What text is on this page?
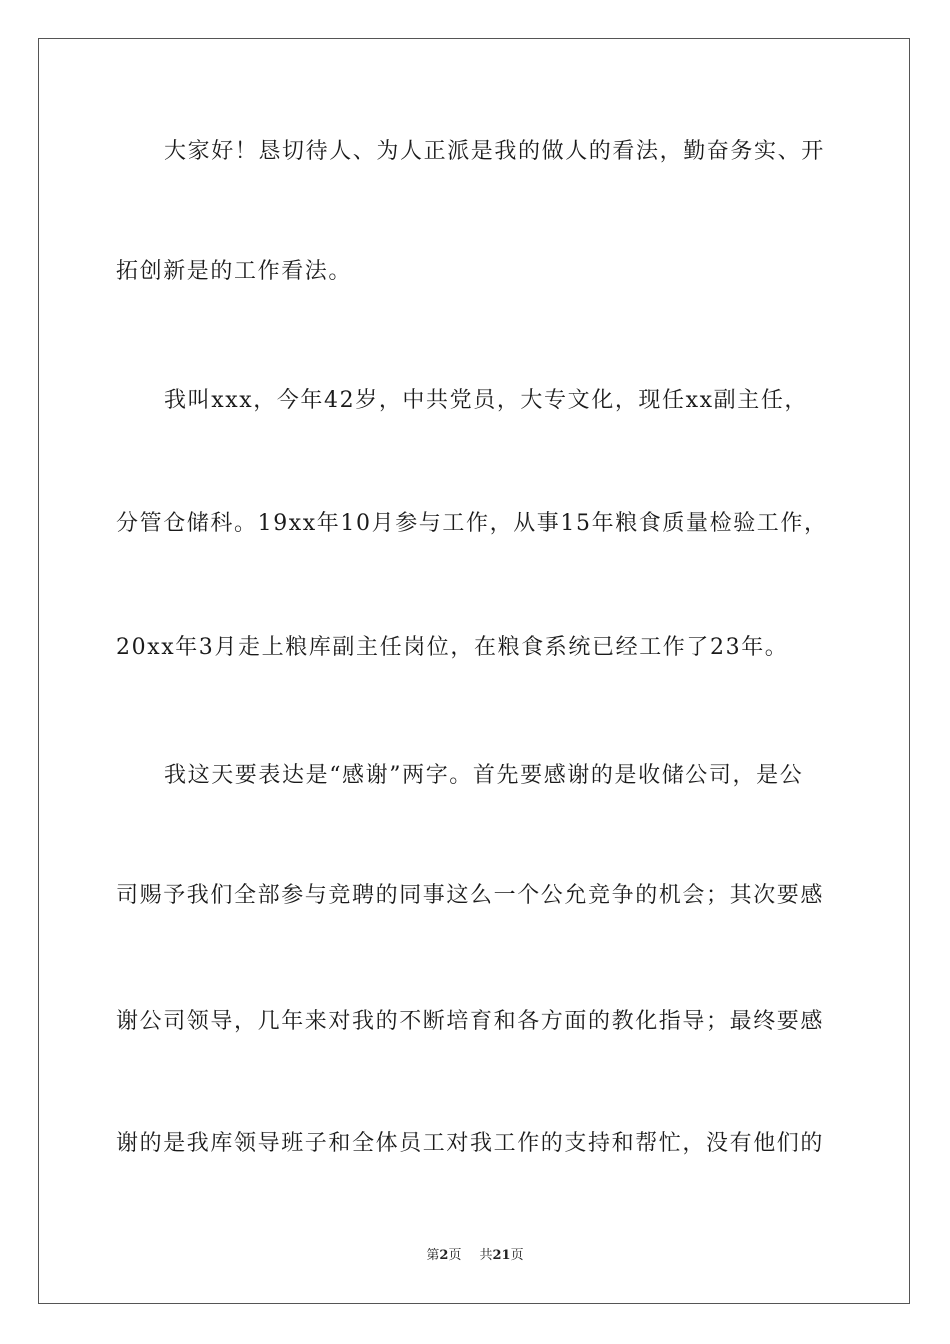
大家好！恳切待人、为人正派是我的做人的看法，勤奋务实、开
拓创新是的工作看法。
我叫xxx，今年42岁，中共党员，大专文化，现任xx副主任，
分管仓储科。19xx年10月参与工作，从事15年粮食质量检验工作，
20xx年3月走上粮库副主任岗位，在粮食系统已经工作了23年。
我这天要表达是“感谢”两字。首先要感谢的是收储公司，是公
司赐予我们全部参与竞聘的同事这么一个公允竞争的机会；其次要感
谢公司领导，几年来对我的不断培育和各方面的教化指导；最终要感
谢的是我库领导班子和全体员工对我工作的支持和帮忙，没有他们的
第2页 共21页
